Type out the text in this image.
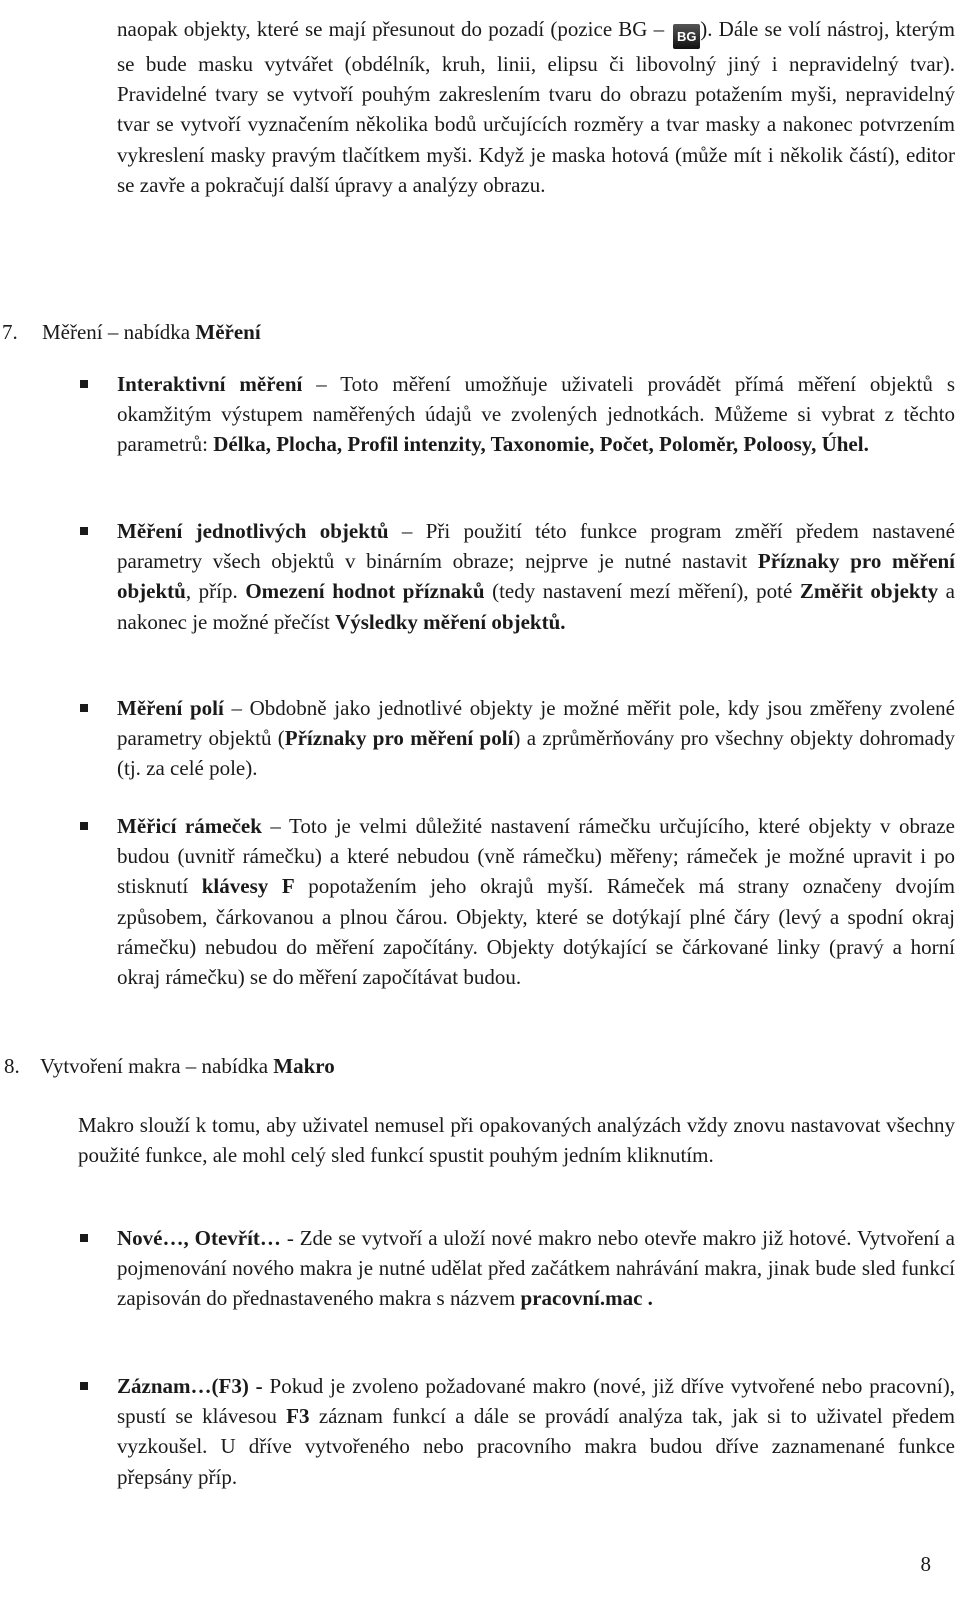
naopak objekty, které se mají přesunout do pozadí (pozice BG – BG ). Dále se volí nástroj, kterým se bude masku vytvářet (obdélník, kruh, linii, elipsu či libovolný jiný i nepravidelný tvar). Pravidelné tvary se vytvoří pouhým zakreslením tvaru do obrazu potažením myši, nepravidelný tvar se vytvoří vyznačením několika bodů určujících rozměry a tvar masky a nakonec potvrzením vykreslení masky pravým tlačítkem myši. Když je maska hotová (může mít i několik částí), editor se zavře a pokračují další úpravy a analýzy obrazu.

7. Měření – nabídka Měření

Interaktivní měření – Toto měření umožňuje uživateli provádět přímá měření objektů s okamžitým výstupem naměřených údajů ve zvolených jednotkách. Můžeme si vybrat z těchto parametrů: Délka, Plocha, Profil intenzity, Taxonomie, Počet, Poloměr, Poloosy, Úhel.

Měření jednotlivých objektů – Při použití této funkce program změří předem nastavené parametry všech objektů v binárním obraze; nejprve je nutné nastavit Příznaky pro měření objektů, příp. Omezení hodnot příznaků (tedy nastavení mezí měření), poté Změřit objekty a nakonec je možné přečíst Výsledky měření objektů.

Měření polí – Obdobně jako jednotlivé objekty je možné měřit pole, kdy jsou změřeny zvolené parametry objektů (Příznaky pro měření polí) a zprůměrňovány pro všechny objekty dohromady (tj. za celé pole).

Měřicí rámeček – Toto je velmi důležité nastavení rámečku určujícího, které objekty v obraze budou (uvnitř rámečku) a které nebudou (vně rámečku) měřeny; rámeček je možné upravit i po stisknutí klávesy F popotažením jeho okrajů myší. Rámeček má strany označeny dvojím způsobem, čárkovanou a plnou čárou. Objekty, které se dotýkají plné čáry (levý a spodní okraj rámečku) nebudou do měření započítány. Objekty dotýkající se čárkované linky (pravý a horní okraj rámečku) se do měření započítávat budou.

8. Vytvoření makra – nabídka Makro

Makro slouží k tomu, aby uživatel nemusel při opakovaných analýzách vždy znovu nastavovat všechny použité funkce, ale mohl celý sled funkcí spustit pouhým jedním kliknutím.

Nové…, Otevřít… - Zde se vytvoří a uloží nové makro nebo otevře makro již hotové. Vytvoření a pojmenování nového makra je nutné udělat před začátkem nahrávání makra, jinak bude sled funkcí zapisován do přednastaveného makra s názvem pracovní.mac .

Záznam…(F3) - Pokud je zvoleno požadované makro (nové, již dříve vytvořené nebo pracovní), spustí se klávesou F3 záznam funkcí a dále se provádí analýza tak, jak si to uživatel předem vyzkoušel. U dříve vytvořeného nebo pracovního makra budou dříve zaznamenané funkce přepsány příp.

8
